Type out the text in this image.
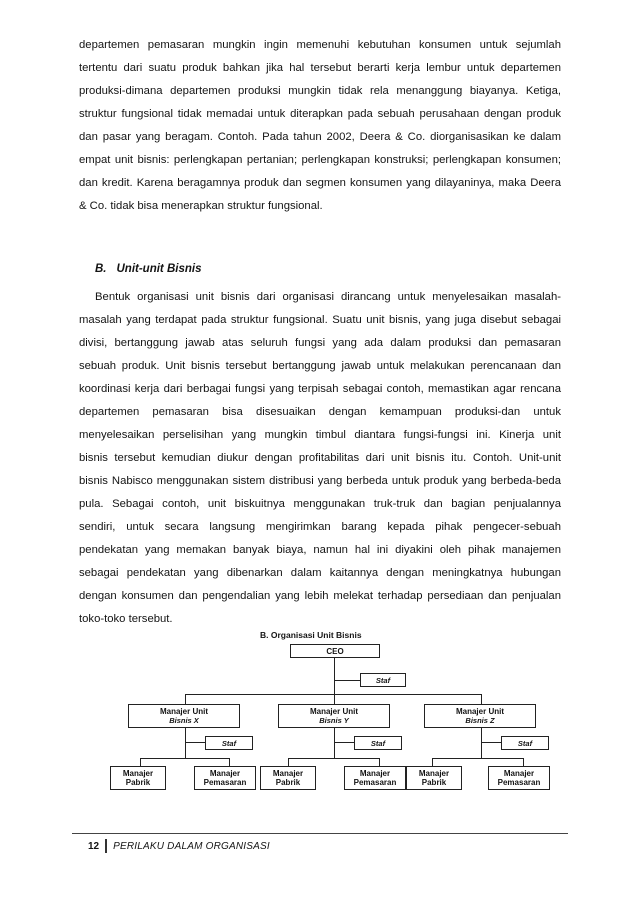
departemen pemasaran mungkin ingin memenuhi kebutuhan konsumen untuk sejumlah
tertentu dari suatu produk bahkan jika hal tersebut berarti kerja lembur untuk departemen
produksi-dimana departemen produksi mungkin tidak rela menanggung biayanya. Ketiga,
struktur fungsional tidak memadai untuk diterapkan pada sebuah perusahaan dengan produk
dan pasar yang beragam. Contoh. Pada tahun 2002, Deera & Co. diorganisasikan ke dalam
empat unit bisnis: perlengkapan pertanian; perlengkapan konstruksi; perlengkapan konsumen;
dan kredit. Karena beragamnya produk dan segmen konsumen yang dilayaninya, maka Deera
& Co. tidak bisa menerapkan struktur fungsional.
B. Unit-unit Bisnis
Bentuk organisasi unit bisnis dari organisasi dirancang untuk menyelesaikan masalah-
masalah yang terdapat pada struktur fungsional. Suatu unit bisnis, yang juga disebut sebagai
divisi, bertanggung jawab atas seluruh fungsi yang ada dalam produksi dan pemasaran
sebuah produk. Unit bisnis tersebut bertanggung jawab untuk melakukan perencanaan dan
koordinasi kerja dari berbagai fungsi yang terpisah sebagai contoh, memastikan agar rencana
departemen pemasaran bisa disesuaikan dengan kemampuan produksi-dan untuk
menyelesaikan perselisihan yang mungkin timbul diantara fungsi-fungsi ini. Kinerja unit
bisnis tersebut kemudian diukur dengan profitabilitas dari unit bisnis itu. Contoh. Unit-unit
bisnis Nabisco menggunakan sistem distribusi yang berbeda untuk produk yang berbeda-beda
pula. Sebagai contoh, unit biskuitnya menggunakan truk-truk dan bagian penjualannya
sendiri, untuk secara langsung mengirimkan barang kepada pihak pengecer-sebuah
pendekatan yang memakan banyak biaya, namun hal ini diyakini oleh pihak manajemen
sebagai pendekatan yang dibenarkan dalam kaitannya dengan meningkatnya hubungan
dengan konsumen dan pengendalian yang lebih melekat terhadap persediaan dan penjualan
toko-toko tersebut.
B. Organisasi Unit Bisnis
CEO
Staf
Manajer Unit
Bisnis X
Staf
Manajer
Pabrik
Manajer
Pemasaran
Manajer Unit
Bisnis Y
Staf
Manajer
Pabrik
Manajer
Pemasaran
Manajer Unit
Bisnis Z
Staf
Manajer
Pabrik
Manajer
Pemasaran
12 PERILAKU DALAM ORGANISASI
